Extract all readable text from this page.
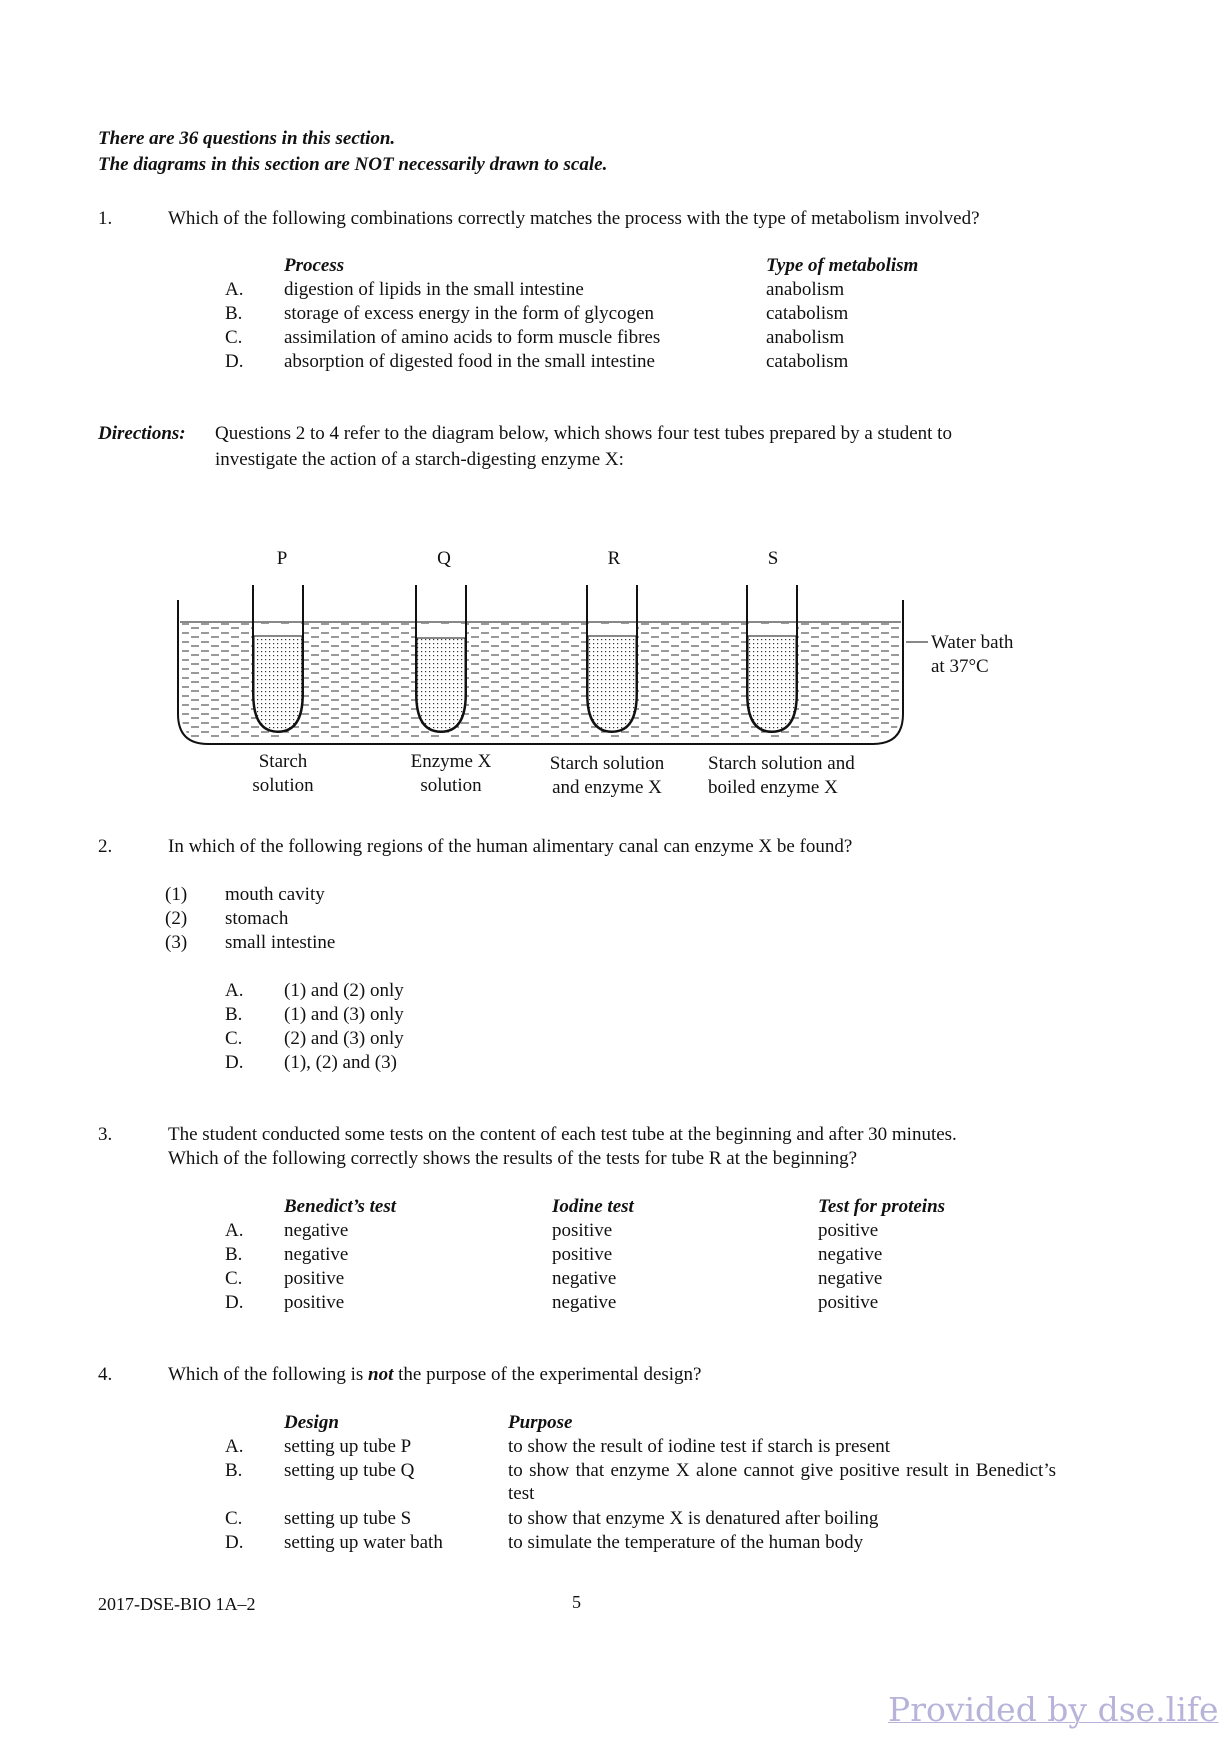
There are 36 questions in this section.
The diagrams in this section are NOT necessarily drawn to scale.
1.	Which of the following combinations correctly matches the process with the type of metabolism involved?
Process	Type of metabolism
A. digestion of lipids in the small intestine	anabolism
B. storage of excess energy in the form of glycogen	catabolism
C. assimilation of amino acids to form muscle fibres	anabolism
D. absorption of digested food in the small intestine	catabolism
Directions: Questions 2 to 4 refer to the diagram below, which shows four test tubes prepared by a student to
investigate the action of a starch-digesting enzyme X:
P	Q	R	S
Water bath
at 37°C
Starch
solution
Enzyme X
solution
Starch solution
and enzyme X
Starch solution and
boiled enzyme X
2.	In which of the following regions of the human alimentary canal can enzyme X be found?
(1) mouth cavity
(2) stomach
(3) small intestine
A. (1) and (2) only
B. (1) and (3) only
C. (2) and (3) only
D. (1), (2) and (3)
3.	The student conducted some tests on the content of each test tube at the beginning and after 30 minutes.
Which of the following correctly shows the results of the tests for tube R at the beginning?
Benedict’s test	Iodine test	Test for proteins
A. negative	positive	positive
B. negative	positive	negative
C. positive	negative	negative
D. positive	negative	positive
4.	Which of the following is not the purpose of the experimental design?
Design	Purpose
A. setting up tube P	to show the result of iodine test if starch is present
B. setting up tube Q	to show that enzyme X alone cannot give positive result in Benedict’s test
C. setting up tube S	to show that enzyme X is denatured after boiling
D. setting up water bath	to simulate the temperature of the human body
2017-DSE-BIO 1A–2	5
Provided by dse.life
